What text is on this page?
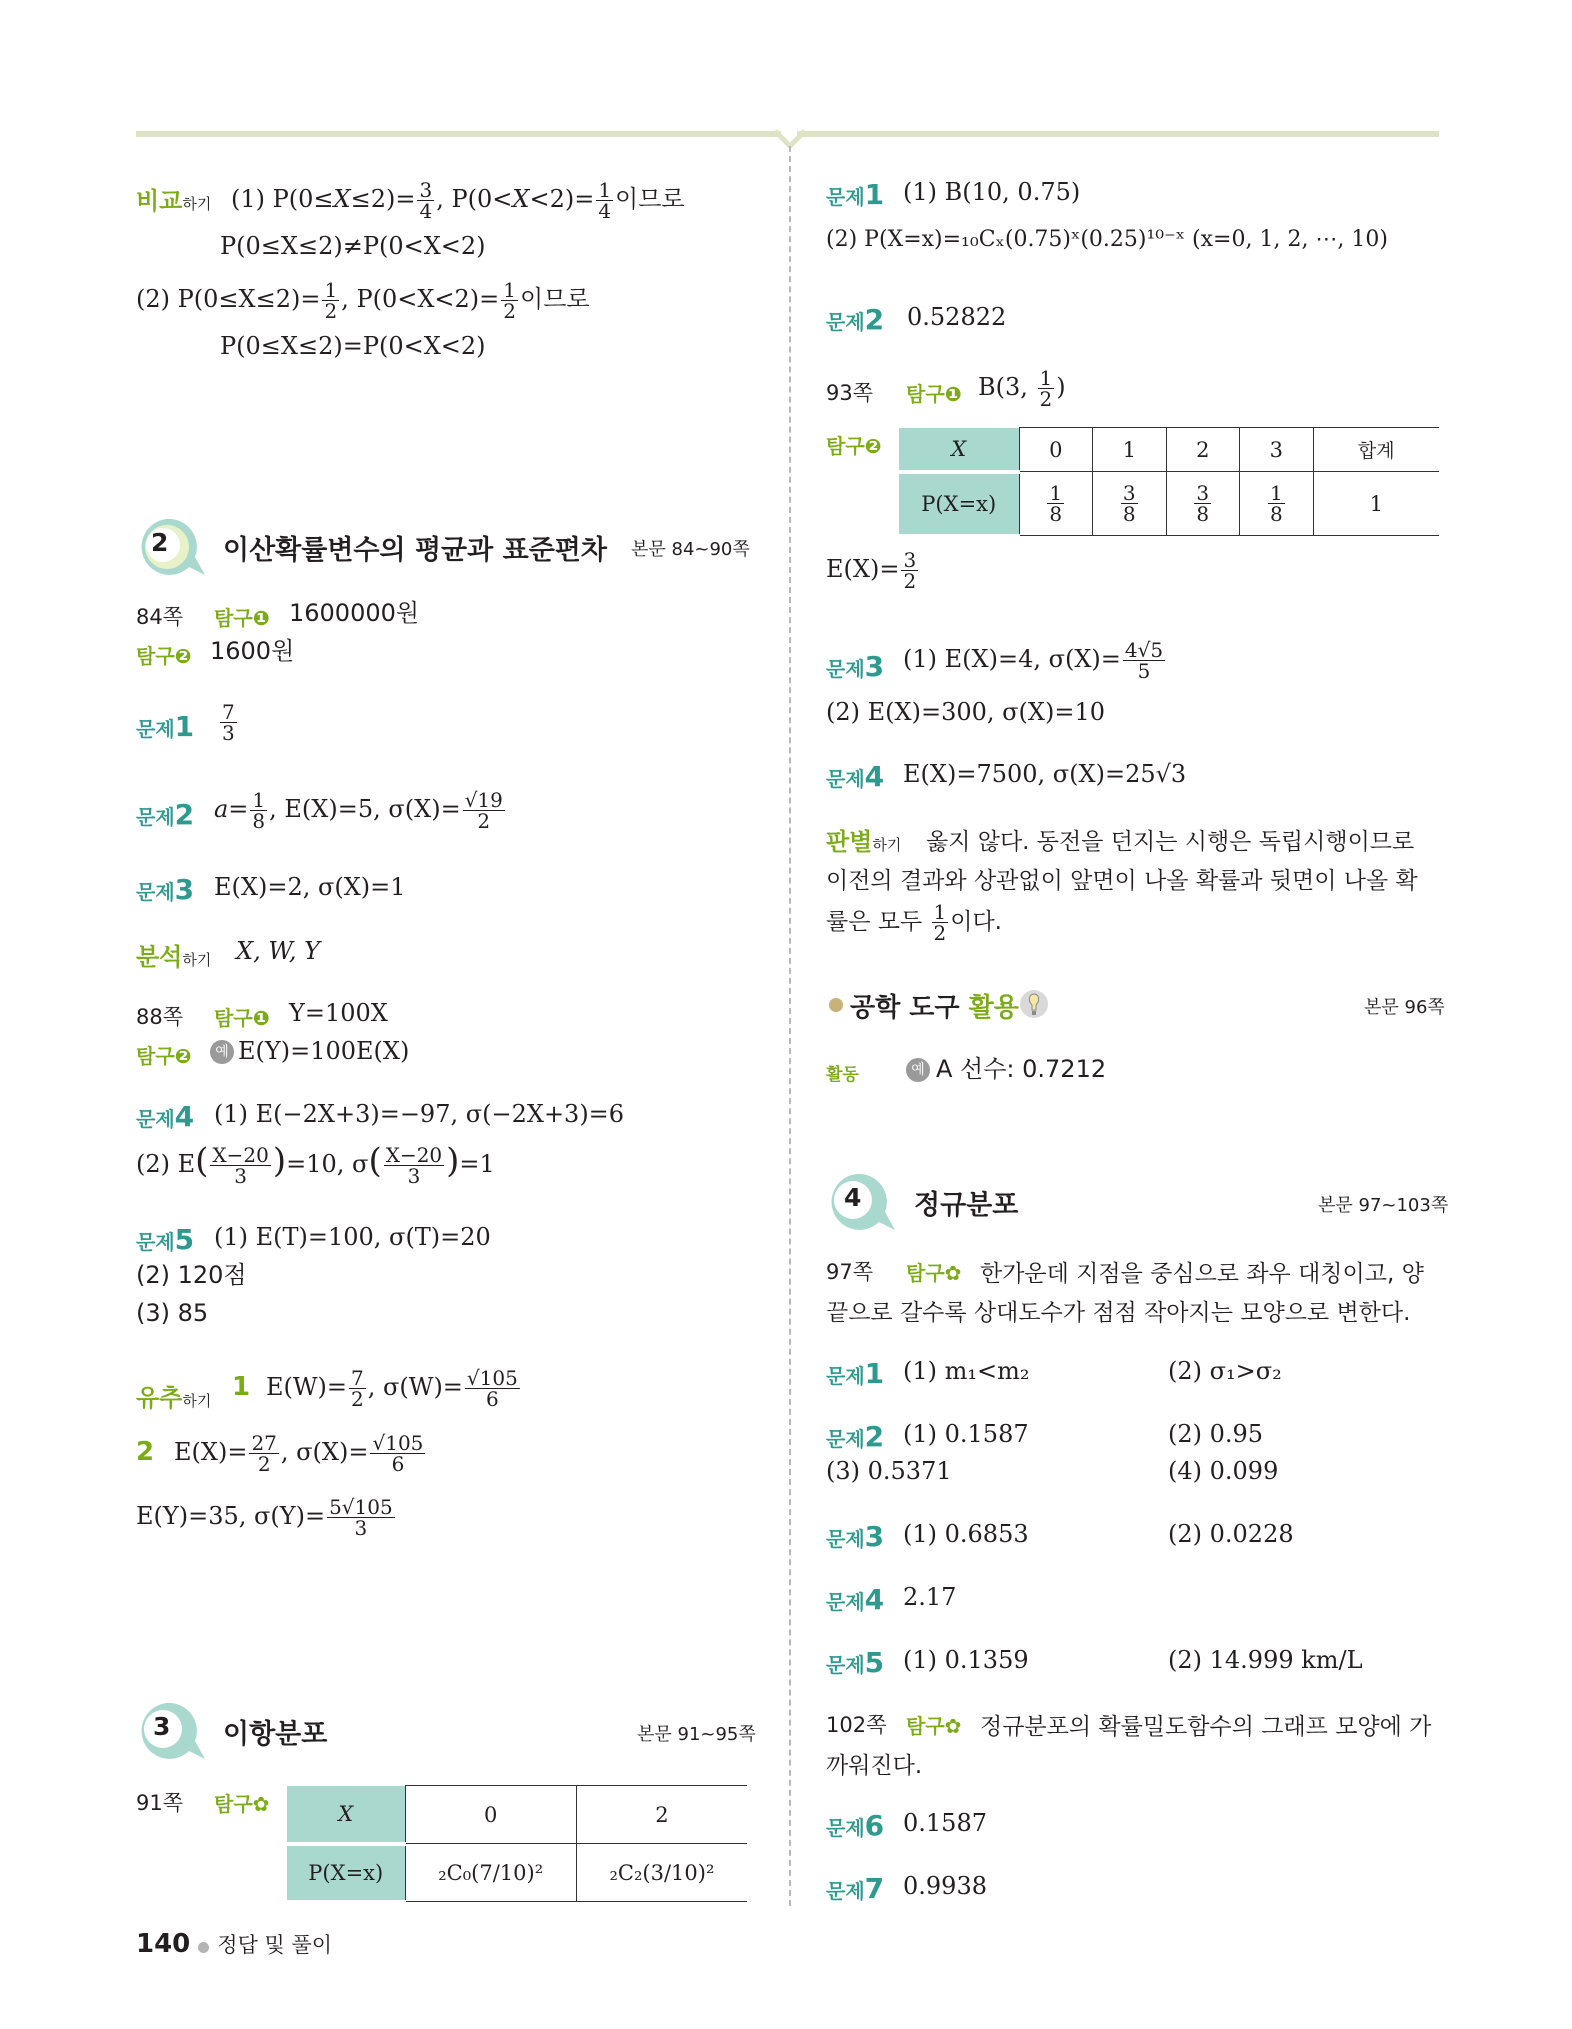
비교하기 (1) $P(0\le X\le 2)= \frac{3}{4}$ , $P(0<X<2)= \frac{1}{4}$ 이므로
P(0≤X≤2)≠P(0<X<2)
(2) $P(0\le X\le 2)= \frac{1}{2}$ , $P(0<X<2)= \frac{1}{2}$ 이므로
P(0≤X≤2)=P(0<X<2)
2 이산확률변수의 평균과 표준편차 본문 84~90쪽
84쪽 탐구❶ 1600000원
탐구❷ 1600원
문제$1 \frac{7}{3}$
문제2 $a= \frac{1}{8}$ , E(X)=5, $\sigma(X)= \frac{√19}{2}$
문제3 E(X)=2, σ(X)=1
분석하기 X, W, Y
88쪽 탐구❶ Y=100X
탐구❷	예 E(Y)=100E(X)
문제4 (1) E(−2X+3)=−97, σ(−2X+3)=6
(2) $E( \frac{X-20}{3} )=10$, $\sigma( \frac{X-20}{3} )=1$
문제5 (1) E(T)=100, σ(T)=20
(2) 120점
(3) 85
유추하기 1 $E(W)= \frac{7}{2}$ , $\sigma(W)= \frac{√105}{6}$
2 $E(X)= \frac{27}{2}$ , $\sigma(X)= \frac{√105}{6}$
E(Y)=35, $\sigma(Y)= \frac{5√105}{3}$
3 이항분포	본문 91~95쪽
91쪽 탐구✿	X	0	2
P(X=x)	₂C₀(7/10)²	₂C₂(3/10)²
140 정답 및 풀이
문제1 (1) B(10, 0.75)
(2) P(X=x)=₁₀Cₓ(0.75)ˣ(0.25)¹⁰⁻ˣ (x=0, 1, 2, ⋯, 10)
문제2 0.52822
93쪽 탐구❶ B(3, $\frac{1}{2}$ )
탐구❷	X	0	1	2	3	합계
P(X=x)	$\frac{1}{8}$	$\frac{3}{8}$	$\frac{3}{8}$	$\frac{1}{8}$	1
$E(X)= \frac{3}{2}$
문제3 (1) E(X)=4, $\sigma(X)= \frac{4√5}{5}$
(2) E(X)=300, σ(X)=10
문제4 E(X)=7500, σ(X)=25√3
판별하기 옳지 않다. 동전을 던지는 시행은 독립시행이므로
이전의 결과와 상관없이 앞면이 나올 확률과 뒷면이 나올 확
률은 모두 $\frac{1}{2}$ 이다.
공학 도구 활용	본문 96쪽
활동	예 A 선수: 0.7212
4 정규분포	본문 97~103쪽
97쪽 탐구✿ 한가운데 지점을 중심으로 좌우 대칭이고, 양
끝으로 갈수록 상대도수가 점점 작아지는 모양으로 변한다.
문제1 (1) m₁<m₂	(2) σ₁>σ₂
문제2 (1) 0.1587	(2) 0.95
(3) 0.5371	(4) 0.099
문제3 (1) 0.6853	(2) 0.0228
문제4 2.17
문제5 (1) 0.1359	(2) 14.999 km/L
102쪽 탐구✿ 정규분포의 확률밀도함수의 그래프 모양에 가
까워진다.
문제6 0.1587
문제7 0.9938
